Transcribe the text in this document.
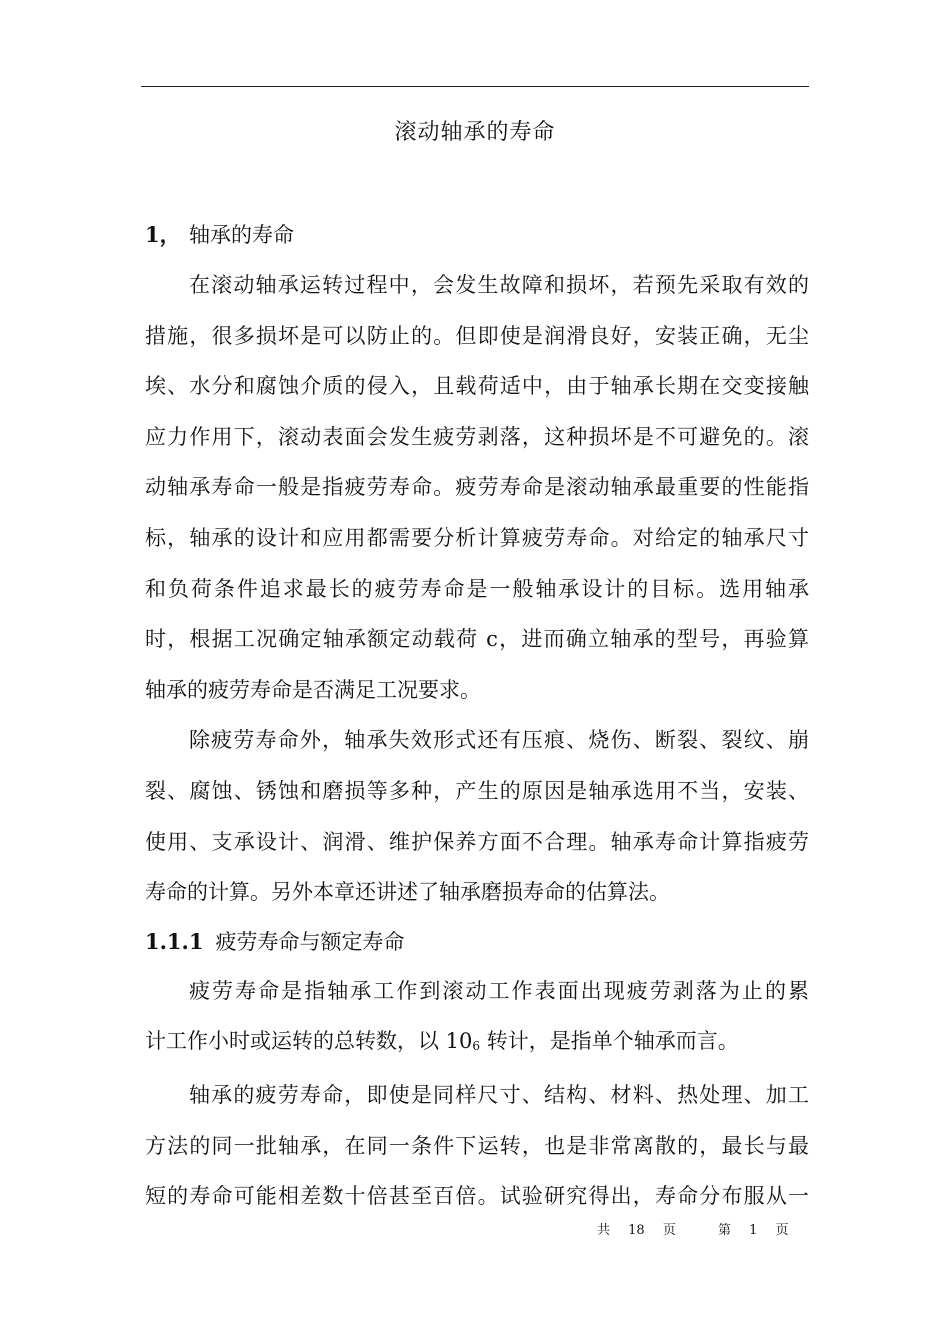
滚动轴承的寿命
1， 轴承的寿命
在滚动轴承运转过程中，会发生故障和损坏，若预先采取有效的
措施，很多损坏是可以防止的。但即使是润滑良好，安装正确，无尘
埃、水分和腐蚀介质的侵入，且载荷适中，由于轴承长期在交变接触
应力作用下，滚动表面会发生疲劳剥落，这种损坏是不可避免的。滚
动轴承寿命一般是指疲劳寿命。疲劳寿命是滚动轴承最重要的性能指
标，轴承的设计和应用都需要分析计算疲劳寿命。对给定的轴承尺寸
和负荷条件追求最长的疲劳寿命是一般轴承设计的目标。选用轴承
时，根据工况确定轴承额定动载荷 c，进而确立轴承的型号，再验算
轴承的疲劳寿命是否满足工况要求。
除疲劳寿命外，轴承失效形式还有压痕、烧伤、断裂、裂纹、崩
裂、腐蚀、锈蚀和磨损等多种，产生的原因是轴承选用不当，安装、
使用、支承设计、润滑、维护保养方面不合理。轴承寿命计算指疲劳
寿命的计算。另外本章还讲述了轴承磨损寿命的估算法。
1.1.1 疲劳寿命与额定寿命
疲劳寿命是指轴承工作到滚动工作表面出现疲劳剥落为止的累
计工作小时或运转的总转数，以 106 转计，是指单个轴承而言。
轴承的疲劳寿命，即使是同样尺寸、结构、材料、热处理、加工
方法的同一批轴承，在同一条件下运转，也是非常离散的，最长与最
短的寿命可能相差数十倍甚至百倍。试验研究得出，寿命分布服从一
共 18 页	第 1 页
